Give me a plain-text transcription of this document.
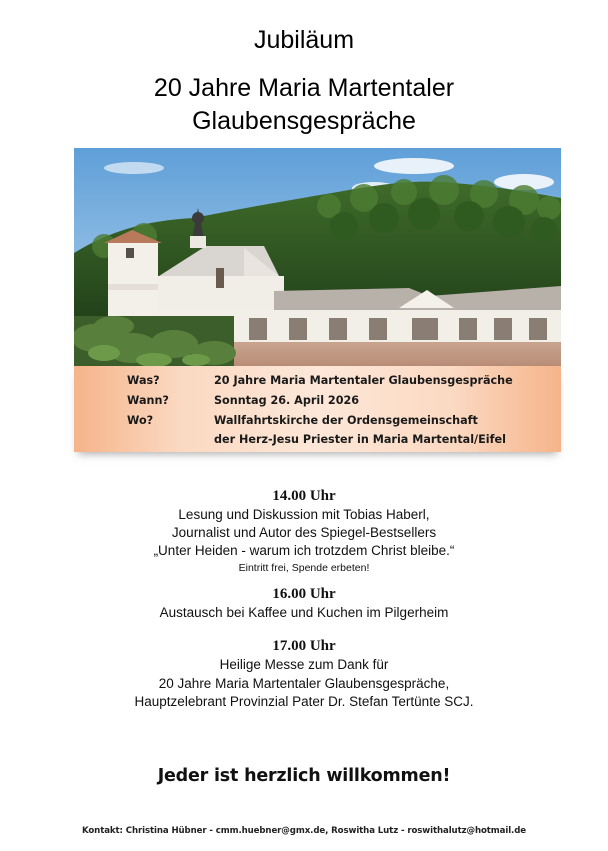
Jubiläum
20 Jahre Maria Martentaler
Glaubensgespräche
Was?	20 Jahre Maria Martentaler Glaubensgespräche
Wann?	Sonntag 26. April 2026
Wo?	Wallfahrtskirche der Ordensgemeinschaft
der Herz-Jesu Priester in Maria Martental/Eifel
14.00 Uhr
Lesung und Diskussion mit Tobias Haberl,
Journalist und Autor des Spiegel-Bestsellers
„Unter Heiden - warum ich trotzdem Christ bleibe.“
Eintritt frei, Spende erbeten!
16.00 Uhr
Austausch bei Kaffee und Kuchen im Pilgerheim
17.00 Uhr
Heilige Messe zum Dank für
20 Jahre Maria Martentaler Glaubensgespräche,
Hauptzelebrant Provinzial Pater Dr. Stefan Tertünte SCJ.
Jeder ist herzlich willkommen!
Kontakt: Christina Hübner - cmm.huebner@gmx.de, Roswitha Lutz - roswithalutz@hotmail.de
